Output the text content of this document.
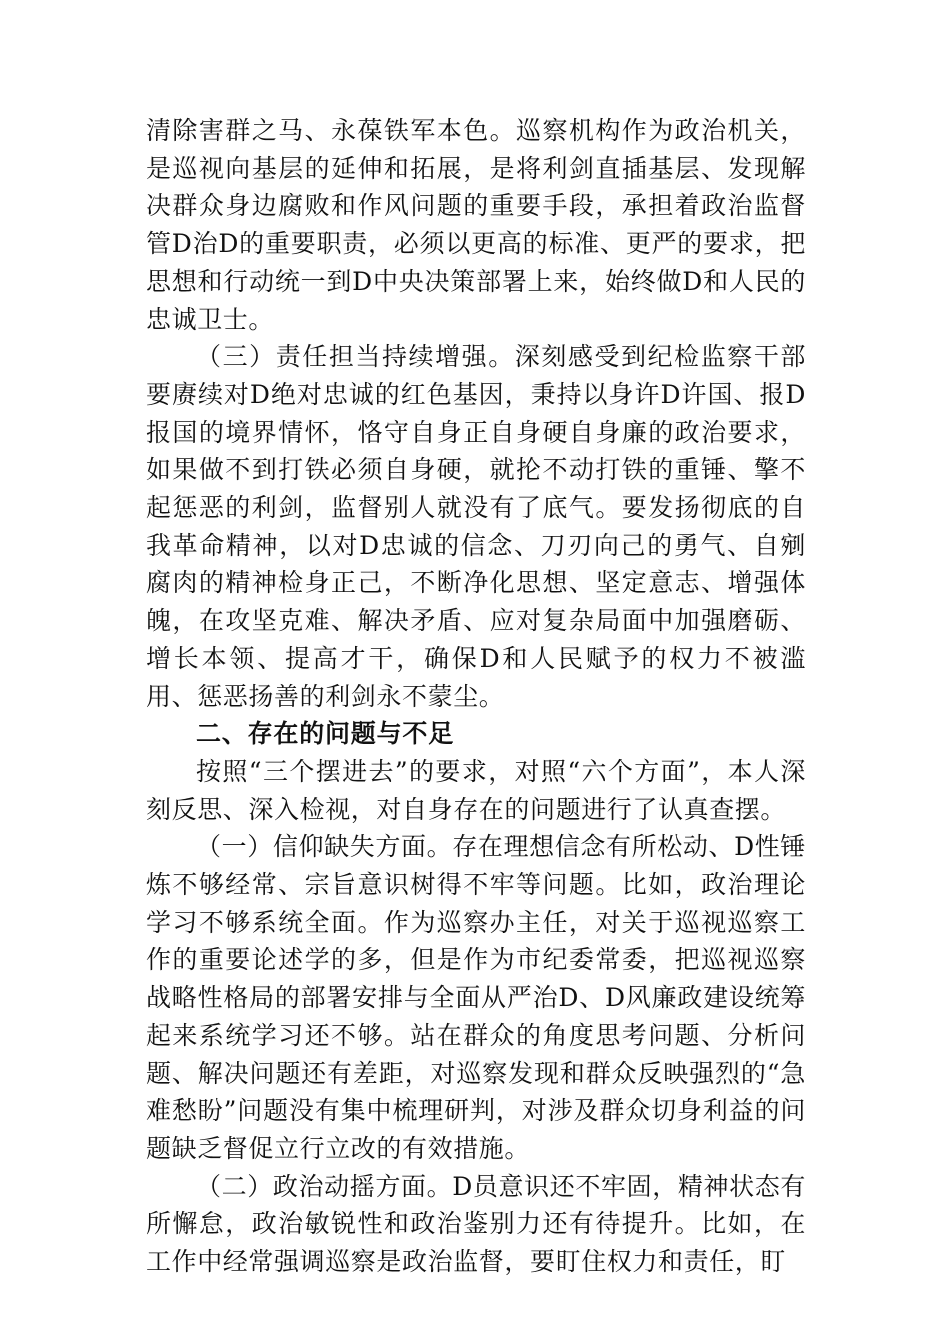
清除害群之马、永葆铁军本色。巡察机构作为政治机关，是巡视向基层的延伸和拓展，是将利剑直插基层、发现解决群众身边腐败和作风问题的重要手段，承担着政治监督管D治D的重要职责，必须以更高的标准、更严的要求，把思想和行动统一到D中央决策部署上来，始终做D和人民的忠诚卫士。

（三）责任担当持续增强。深刻感受到纪检监察干部要赓续对D绝对忠诚的红色基因，秉持以身许D许国、报D报国的境界情怀，恪守自身正自身硬自身廉的政治要求，如果做不到打铁必须自身硬，就抡不动打铁的重锤、擎不起惩恶的利剑，监督别人就没有了底气。要发扬彻底的自我革命精神，以对D忠诚的信念、刀刃向己的勇气、自剜腐肉的精神检身正己，不断净化思想、坚定意志、增强体魄，在攻坚克难、解决矛盾、应对复杂局面中加强磨砺、增长本领、提高才干，确保D和人民赋予的权力不被滥用、惩恶扬善的利剑永不蒙尘。

二、存在的问题与不足

按照“三个摆进去”的要求，对照“六个方面”，本人深刻反思、深入检视，对自身存在的问题进行了认真查摆。

（一）信仰缺失方面。存在理想信念有所松动、D性锤炼不够经常、宗旨意识树得不牢等问题。比如，政治理论学习不够系统全面。作为巡察办主任，对关于巡视巡察工作的重要论述学的多，但是作为市纪委常委，把巡视巡察战略性格局的部署安排与全面从严治D、D风廉政建设统筹起来系统学习还不够。站在群众的角度思考问题、分析问题、解决问题还有差距，对巡察发现和群众反映强烈的“急难愁盼”问题没有集中梳理研判，对涉及群众切身利益的问题缺乏督促立行立改的有效措施。

（二）政治动摇方面。D员意识还不牢固，精神状态有所懈怠，政治敏锐性和政治鉴别力还有待提升。比如，在工作中经常强调巡察是政治监督，要盯住权力和责任，盯
